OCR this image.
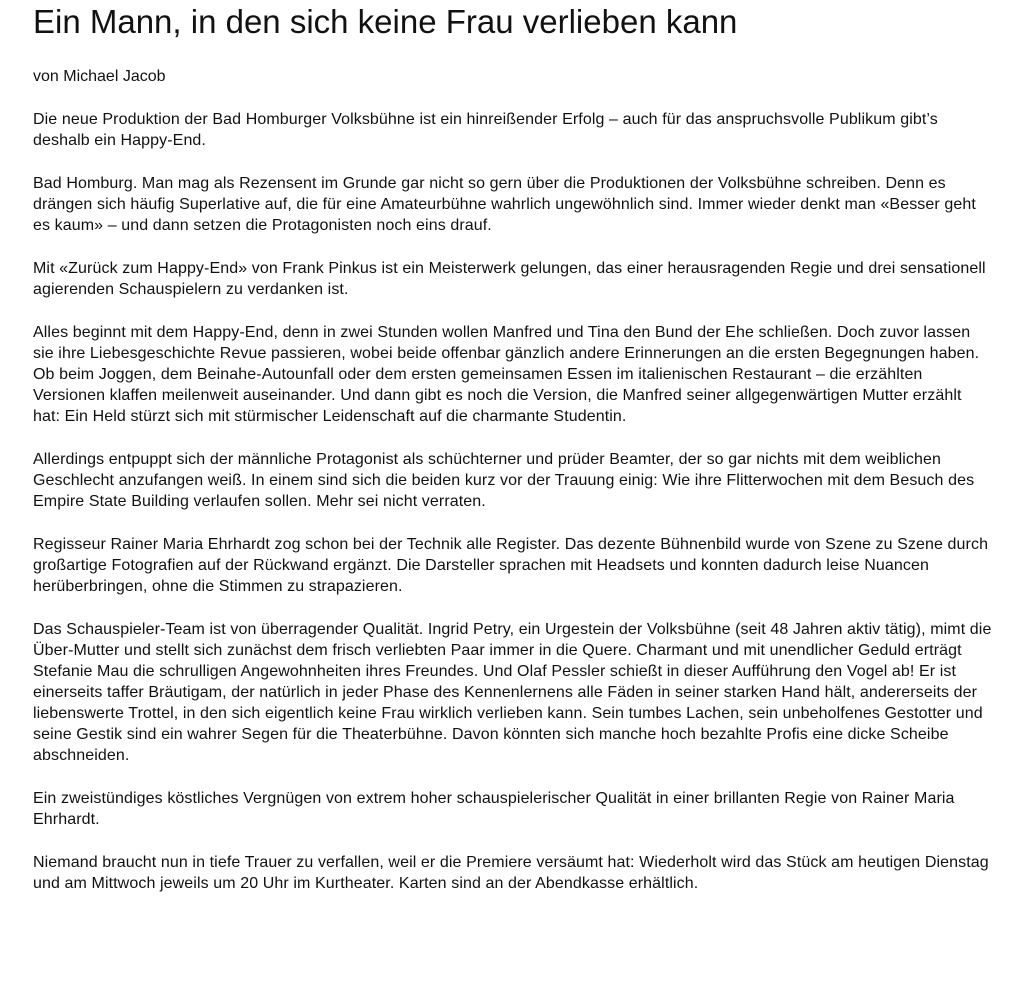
Ein Mann, in den sich keine Frau verlieben kann

von Michael Jacob

Die neue Produktion der Bad Homburger Volksbühne ist ein hinreißender Erfolg – auch für das anspruchsvolle Publikum gibt’s deshalb ein Happy-End.

Bad Homburg. Man mag als Rezensent im Grunde gar nicht so gern über die Produktionen der Volksbühne schreiben. Denn es drängen sich häufig Superlative auf, die für eine Amateurbühne wahrlich ungewöhnlich sind. Immer wieder denkt man «Besser geht es kaum» – und dann setzen die Protagonisten noch eins drauf.

Mit «Zurück zum Happy-End» von Frank Pinkus ist ein Meisterwerk gelungen, das einer herausragenden Regie und drei sensationell agierenden Schauspielern zu verdanken ist.

Alles beginnt mit dem Happy-End, denn in zwei Stunden wollen Manfred und Tina den Bund der Ehe schließen. Doch zuvor lassen sie ihre Liebesgeschichte Revue passieren, wobei beide offenbar gänzlich andere Erinnerungen an die ersten Begegnungen haben. Ob beim Joggen, dem Beinahe-Autounfall oder dem ersten gemeinsamen Essen im italienischen Restaurant – die erzählten Versionen klaffen meilenweit auseinander. Und dann gibt es noch die Version, die Manfred seiner allgegenwärtigen Mutter erzählt hat: Ein Held stürzt sich mit stürmischer Leidenschaft auf die charmante Studentin.

Allerdings entpuppt sich der männliche Protagonist als schüchterner und prüder Beamter, der so gar nichts mit dem weiblichen Geschlecht anzufangen weiß. In einem sind sich die beiden kurz vor der Trauung einig: Wie ihre Flitterwochen mit dem Besuch des Empire State Building verlaufen sollen. Mehr sei nicht verraten.

Regisseur Rainer Maria Ehrhardt zog schon bei der Technik alle Register. Das dezente Bühnenbild wurde von Szene zu Szene durch großartige Fotografien auf der Rückwand ergänzt. Die Darsteller sprachen mit Headsets und konnten dadurch leise Nuancen herüberbringen, ohne die Stimmen zu strapazieren.

Das Schauspieler-Team ist von überragender Qualität. Ingrid Petry, ein Urgestein der Volksbühne (seit 48 Jahren aktiv tätig), mimt die Über-Mutter und stellt sich zunächst dem frisch verliebten Paar immer in die Quere. Charmant und mit unendlicher Geduld erträgt Stefanie Mau die schrulligen Angewohnheiten ihres Freundes. Und Olaf Pessler schießt in dieser Aufführung den Vogel ab! Er ist einerseits taffer Bräutigam, der natürlich in jeder Phase des Kennenlernens alle Fäden in seiner starken Hand hält, andererseits der liebenswerte Trottel, in den sich eigentlich keine Frau wirklich verlieben kann. Sein tumbes Lachen, sein unbeholfenes Gestotter und seine Gestik sind ein wahrer Segen für die Theaterbühne. Davon könnten sich manche hoch bezahlte Profis eine dicke Scheibe abschneiden.

Ein zweistündiges köstliches Vergnügen von extrem hoher schauspielerischer Qualität in einer brillanten Regie von Rainer Maria Ehrhardt.

Niemand braucht nun in tiefe Trauer zu verfallen, weil er die Premiere versäumt hat: Wiederholt wird das Stück am heutigen Dienstag und am Mittwoch jeweils um 20 Uhr im Kurtheater. Karten sind an der Abendkasse erhältlich.
